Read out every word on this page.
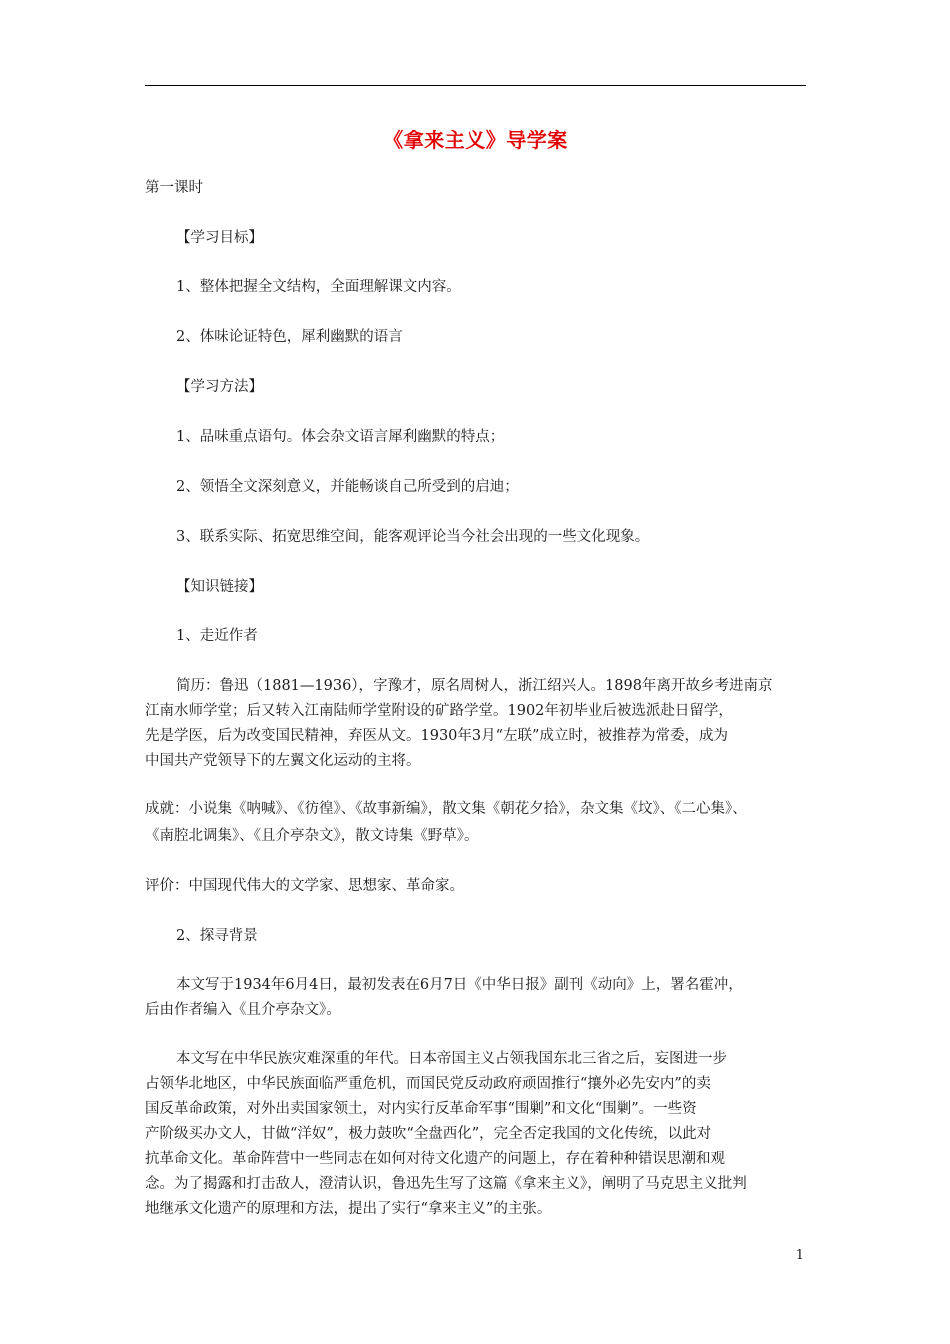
《拿来主义》导学案
第一课时
【学习目标】
1、整体把握全文结构，全面理解课文内容。
2、体味论证特色，犀利幽默的语言
【学习方法】
1、品味重点语句。体会杂文语言犀利幽默的特点；
2、领悟全文深刻意义，并能畅谈自己所受到的启迪；
3、联系实际、拓宽思维空间，能客观评论当今社会出现的一些文化现象。
【知识链接】
1、走近作者
简历：鲁迅（1881—1936），字豫才，原名周树人，浙江绍兴人。1898年离开故乡考进南京
江南水师学堂；后又转入江南陆师学堂附设的矿路学堂。1902年初毕业后被选派赴日留学，
先是学医，后为改变国民精神，弃医从文。1930年3月“左联”成立时，被推荐为常委，成为
中国共产党领导下的左翼文化运动的主将。
成就：小说集《呐喊》、《彷徨》、《故事新编》，散文集《朝花夕拾》，杂文集《坟》、《二心集》、
《南腔北调集》、《且介亭杂文》，散文诗集《野草》。
评价：中国现代伟大的文学家、思想家、革命家。
2、探寻背景
本文写于1934年6月4日，最初发表在6月7日《中华日报》副刊《动向》上，署名霍冲，
后由作者编入《且介亭杂文》。
本文写在中华民族灾难深重的年代。日本帝国主义占领我国东北三省之后，妄图进一步
占领华北地区，中华民族面临严重危机，而国民党反动政府顽固推行“攘外必先安内”的卖
国反革命政策，对外出卖国家领土，对内实行反革命军事“围剿”和文化“围剿”。一些资
产阶级买办文人，甘做“洋奴”，极力鼓吹“全盘西化”，完全否定我国的文化传统，以此对
抗革命文化。革命阵营中一些同志在如何对待文化遗产的问题上，存在着种种错误思潮和观
念。为了揭露和打击敌人，澄清认识，鲁迅先生写了这篇《拿来主义》，阐明了马克思主义批判
地继承文化遗产的原理和方法，提出了实行“拿来主义”的主张。
1
